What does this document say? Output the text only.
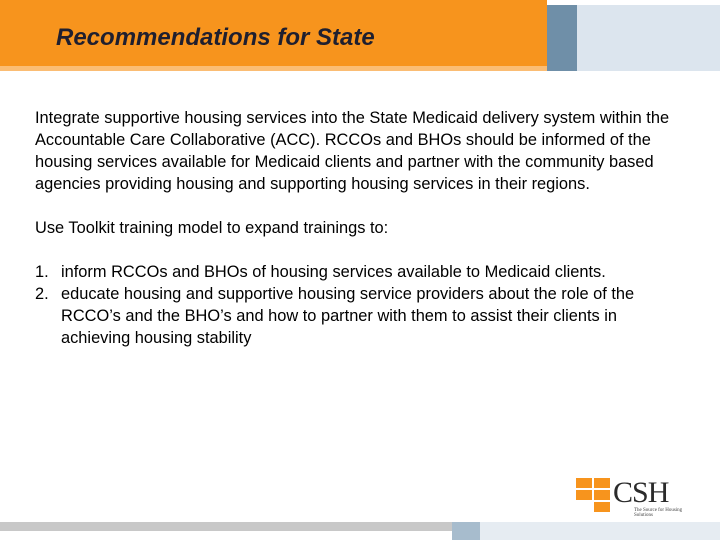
Recommendations for State

Integrate supportive housing services into the State Medicaid delivery system within the Accountable Care Collaborative (ACC). RCCOs and BHOs should be informed of the housing services available for Medicaid clients and partner with the community based agencies providing housing and supporting housing services in their regions.

Use Toolkit training model to expand trainings to:

1. inform RCCOs and BHOs of housing services available to Medicaid clients.
2. educate housing and supportive housing service providers about the role of the RCCO’s and the BHO’s and how to partner with them to assist their clients in achieving housing stability
CSH
The Source for Housing Solutions
